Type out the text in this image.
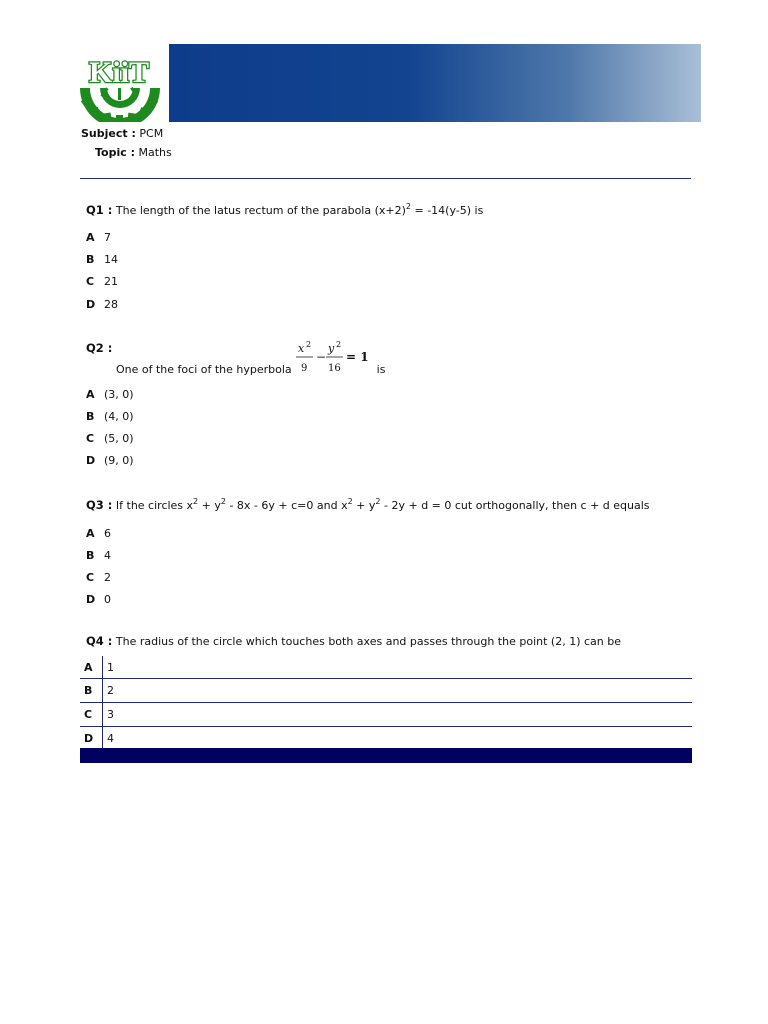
KiiT
Subject : PCM
Topic : Maths
Q1 : The length of the latus rectum of the parabola $(x+2)^2 = -14(y-5)$ is
A 7
B 14
C 21
D 28
Q2 :
One of the foci of the hyperbola
x 2
9
−
y 2
16
= 1
is
A (3, 0)
B (4, 0)
C (5, 0)
D (9, 0)
Q3 : If the circles $x^2 + y^2 - 8x - 6y + c=0$ and $x^2 + y^2 - 2y + d = 0$ cut orthogonally, then c + d equals
A 6
B 4
C 2
D 0
Q4 : The radius of the circle which touches both axes and passes through the point (2, 1) can be
A	1
B	2
C	3
D	4
